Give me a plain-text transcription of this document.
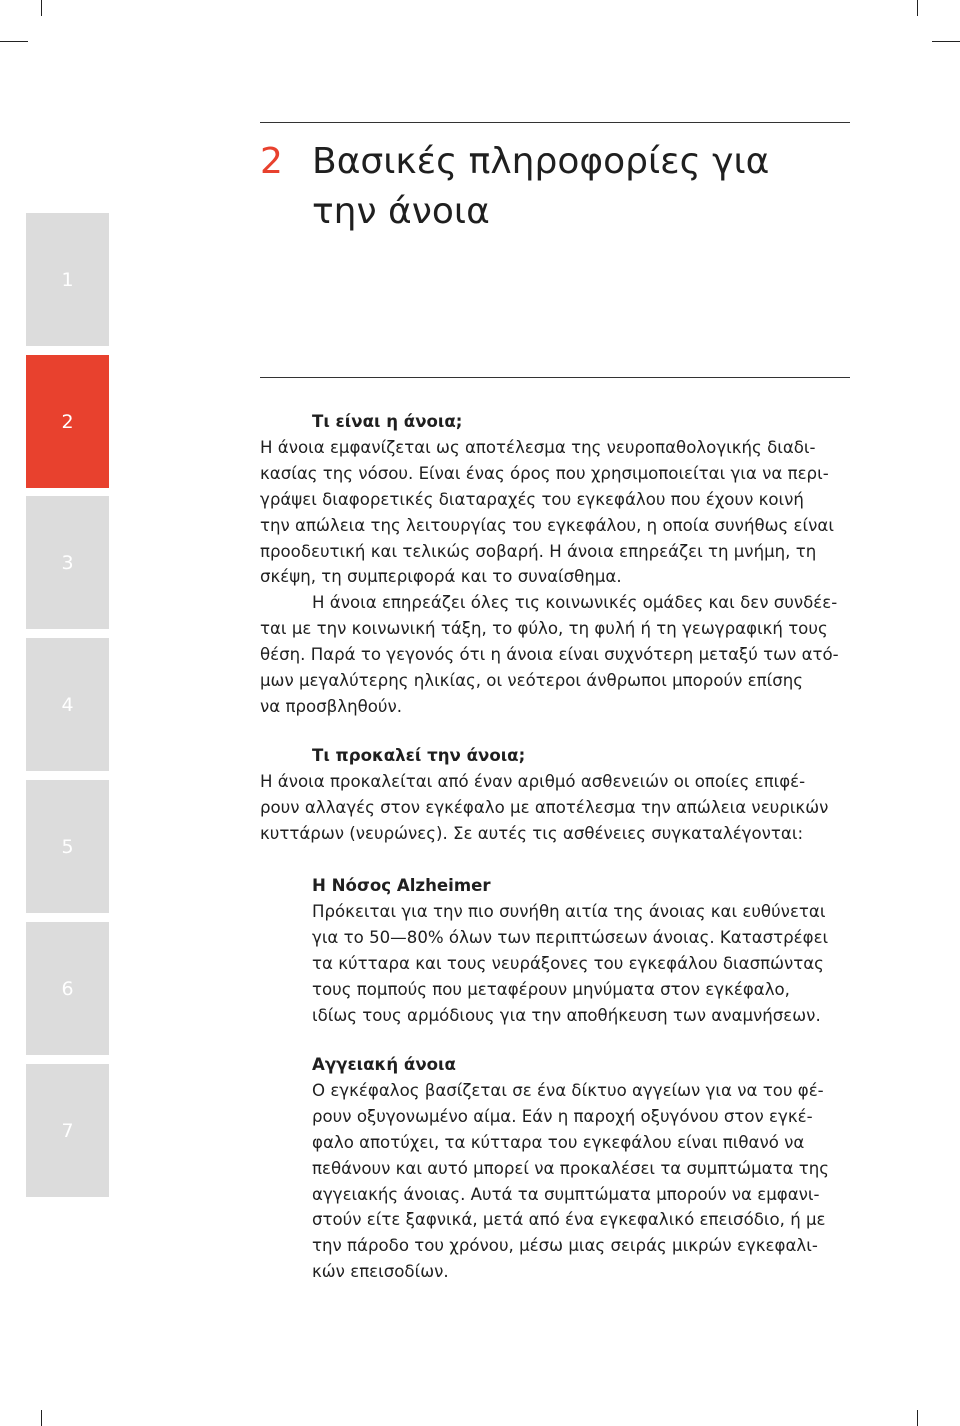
1
2
3
4
5
6
7
2 Βασικές πληροφορίες για
την άνοια

Τι είναι η άνοια;

Η άνοια εμφανίζεται ως αποτέλεσμα της νευροπαθολογικής διαδι-

κασίας της νόσου. Είναι ένας όρος που χρησιμοποιείται για να περι-

γράψει διαφορετικές διαταραχές του εγκεφάλου που έχουν κοινή

την απώλεια της λειτουργίας του εγκεφάλου, η οποία συνήθως είναι

προοδευτική και τελικώς σοβαρή. Η άνοια επηρεάζει τη μνήμη, τη

σκέψη, τη συμπεριφορά και το συναίσθημα.

Η άνοια επηρεάζει όλες τις κοινωνικές ομάδες και δεν συνδέε-

ται με την κοινωνική τάξη, το φύλο, τη φυλή ή τη γεωγραφική τους

θέση. Παρά το γεγονός ότι η άνοια είναι συχνότερη μεταξύ των ατό-

μων μεγαλύτερης ηλικίας, οι νεότεροι άνθρωποι μπορούν επίσης

να προσβληθούν.

Τι προκαλεί την άνοια;

Η άνοια προκαλείται από έναν αριθμό ασθενειών οι οποίες επιφέ-

ρουν αλλαγές στον εγκέφαλο με αποτέλεσμα την απώλεια νευρικών

κυττάρων (νευρώνες). Σε αυτές τις ασθένειες συγκαταλέγονται:

Η Νόσος Alzheimer

Πρόκειται για την πιο συνήθη αιτία της άνοιας και ευθύνεται

για το 50—80% όλων των περιπτώσεων άνοιας. Καταστρέφει

τα κύτταρα και τους νευράξονες του εγκεφάλου διασπώντας

τους πομπούς που μεταφέρουν μηνύματα στον εγκέφαλο,

ιδίως τους αρμόδιους για την αποθήκευση των αναμνήσεων.

Αγγειακή άνοια

Ο εγκέφαλος βασίζεται σε ένα δίκτυο αγγείων για να του φέ-

ρουν οξυγονωμένο αίμα. Εάν η παροχή οξυγόνου στον εγκέ-

φαλο αποτύχει, τα κύτταρα του εγκεφάλου είναι πιθανό να

πεθάνουν και αυτό μπορεί να προκαλέσει τα συμπτώματα της

αγγειακής άνοιας. Αυτά τα συμπτώματα μπορούν να εμφανι-

στούν είτε ξαφνικά, μετά από ένα εγκεφαλικό επεισόδιο, ή με

την πάροδο του χρόνου, μέσω μιας σειράς μικρών εγκεφαλι-

κών επεισοδίων.
